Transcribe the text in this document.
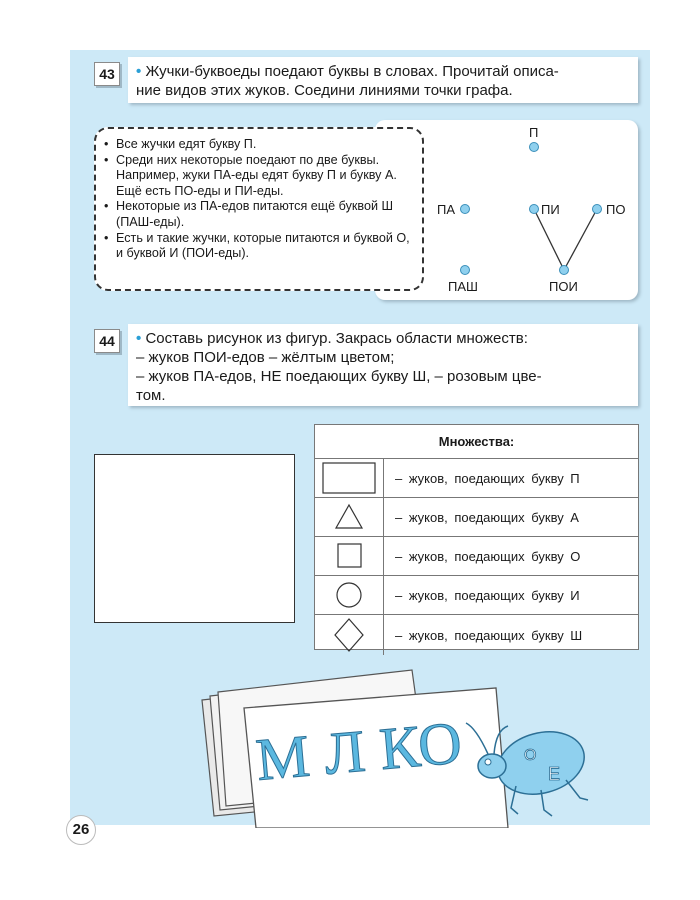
43	• Жучки-буквоеды поедают буквы в словах. Прочитай описа-
ние видов этих жуков. Соедини линиями точки графа.
П
ПА	ПИ	ПО
ПАШ	ПОИ
• Все жучки едят букву П.
• Среди них некоторые поедают по две буквы. Например, жуки ПА-еды едят букву П и букву А. Ещё есть ПО-еды и ПИ-еды.
• Некоторые из ПА-едов питаются ещё буквой Ш (ПАШ-еды).
• Есть и такие жучки, которые питаются и буквой О, и буквой И (ПОИ-еды).
44	• Составь рисунок из фигур. Закрась области множеств:
– жуков ПОИ-едов – жёлтым цветом;
– жуков ПА-едов, НЕ поедающих букву Ш, – розовым цве-
том.
Множества:
– жуков, поедающих букву П
– жуков, поедающих букву А
– жуков, поедающих букву О
– жуков, поедающих букву И
– жуков, поедающих букву Ш
М Л КО	О
Е
26
